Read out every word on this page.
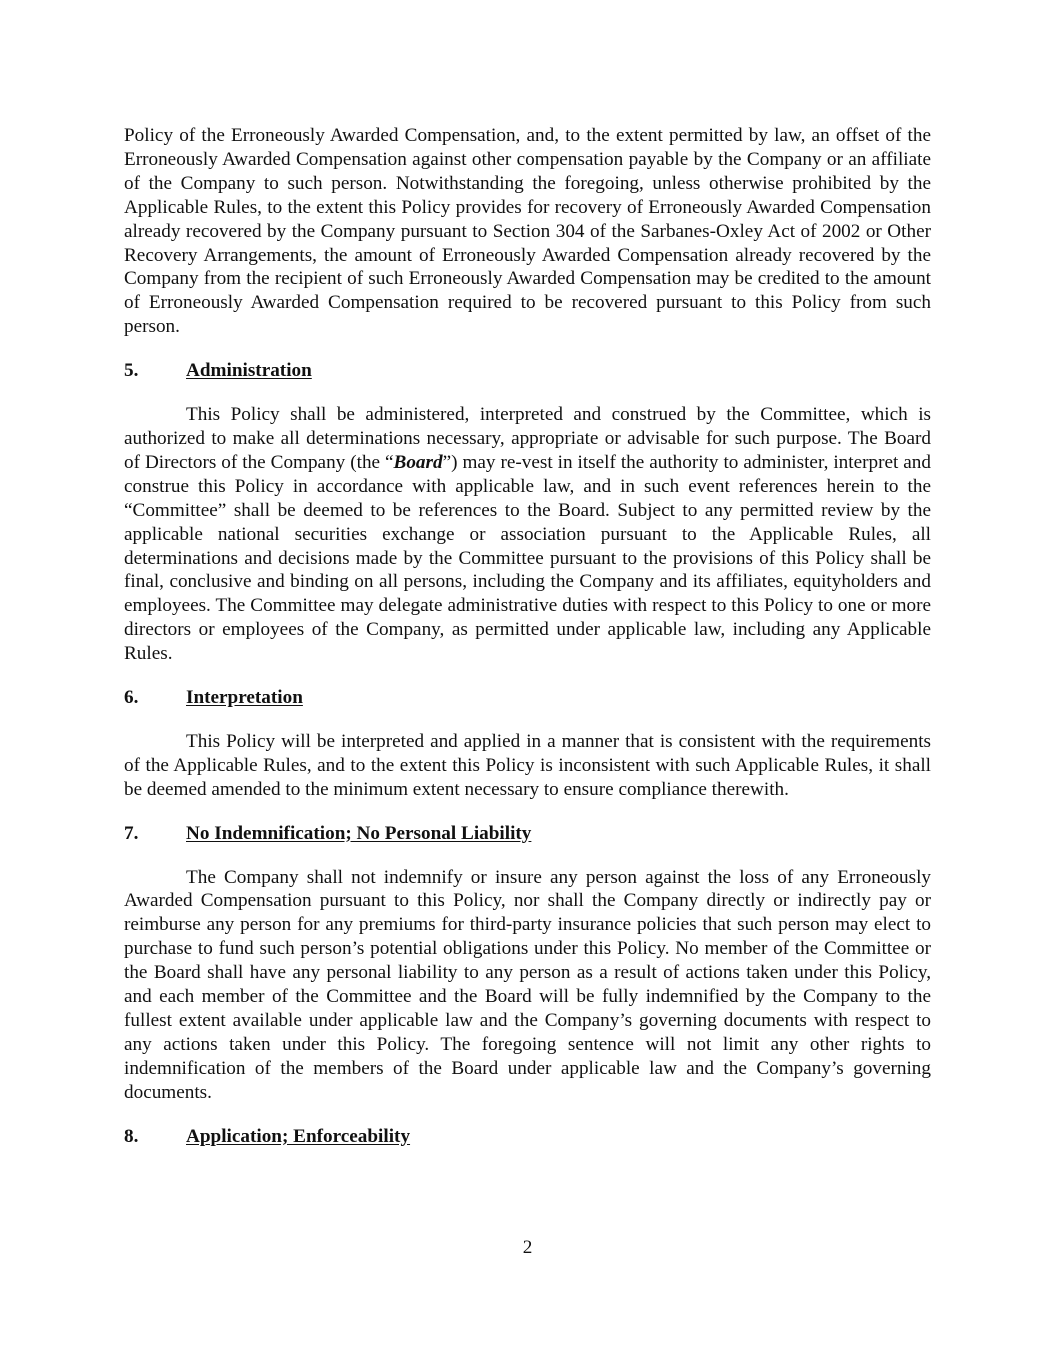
Policy of the Erroneously Awarded Compensation, and, to the extent permitted by law, an offset of the Erroneously Awarded Compensation against other compensation payable by the Company or an affiliate of the Company to such person. Notwithstanding the foregoing, unless otherwise prohibited by the Applicable Rules, to the extent this Policy provides for recovery of Erroneously Awarded Compensation already recovered by the Company pursuant to Section 304 of the Sarbanes-Oxley Act of 2002 or Other Recovery Arrangements, the amount of Erroneously Awarded Compensation already recovered by the Company from the recipient of such Erroneously Awarded Compensation may be credited to the amount of Erroneously Awarded Compensation required to be recovered pursuant to this Policy from such person.

5.	Administration

This Policy shall be administered, interpreted and construed by the Committee, which is authorized to make all determinations necessary, appropriate or advisable for such purpose. The Board of Directors of the Company (the “Board”) may re-vest in itself the authority to administer, interpret and construe this Policy in accordance with applicable law, and in such event references herein to the “Committee” shall be deemed to be references to the Board. Subject to any permitted review by the applicable national securities exchange or association pursuant to the Applicable Rules, all determinations and decisions made by the Committee pursuant to the provisions of this Policy shall be final, conclusive and binding on all persons, including the Company and its affiliates, equityholders and employees. The Committee may delegate administrative duties with respect to this Policy to one or more directors or employees of the Company, as permitted under applicable law, including any Applicable Rules.

6.	Interpretation

This Policy will be interpreted and applied in a manner that is consistent with the requirements of the Applicable Rules, and to the extent this Policy is inconsistent with such Applicable Rules, it shall be deemed amended to the minimum extent necessary to ensure compliance therewith.

7.	No Indemnification; No Personal Liability

The Company shall not indemnify or insure any person against the loss of any Erroneously Awarded Compensation pursuant to this Policy, nor shall the Company directly or indirectly pay or reimburse any person for any premiums for third-party insurance policies that such person may elect to purchase to fund such person’s potential obligations under this Policy. No member of the Committee or the Board shall have any personal liability to any person as a result of actions taken under this Policy, and each member of the Committee and the Board will be fully indemnified by the Company to the fullest extent available under applicable law and the Company’s governing documents with respect to any actions taken under this Policy. The foregoing sentence will not limit any other rights to indemnification of the members of the Board under applicable law and the Company’s governing documents.

8.	Application; Enforceability
2
